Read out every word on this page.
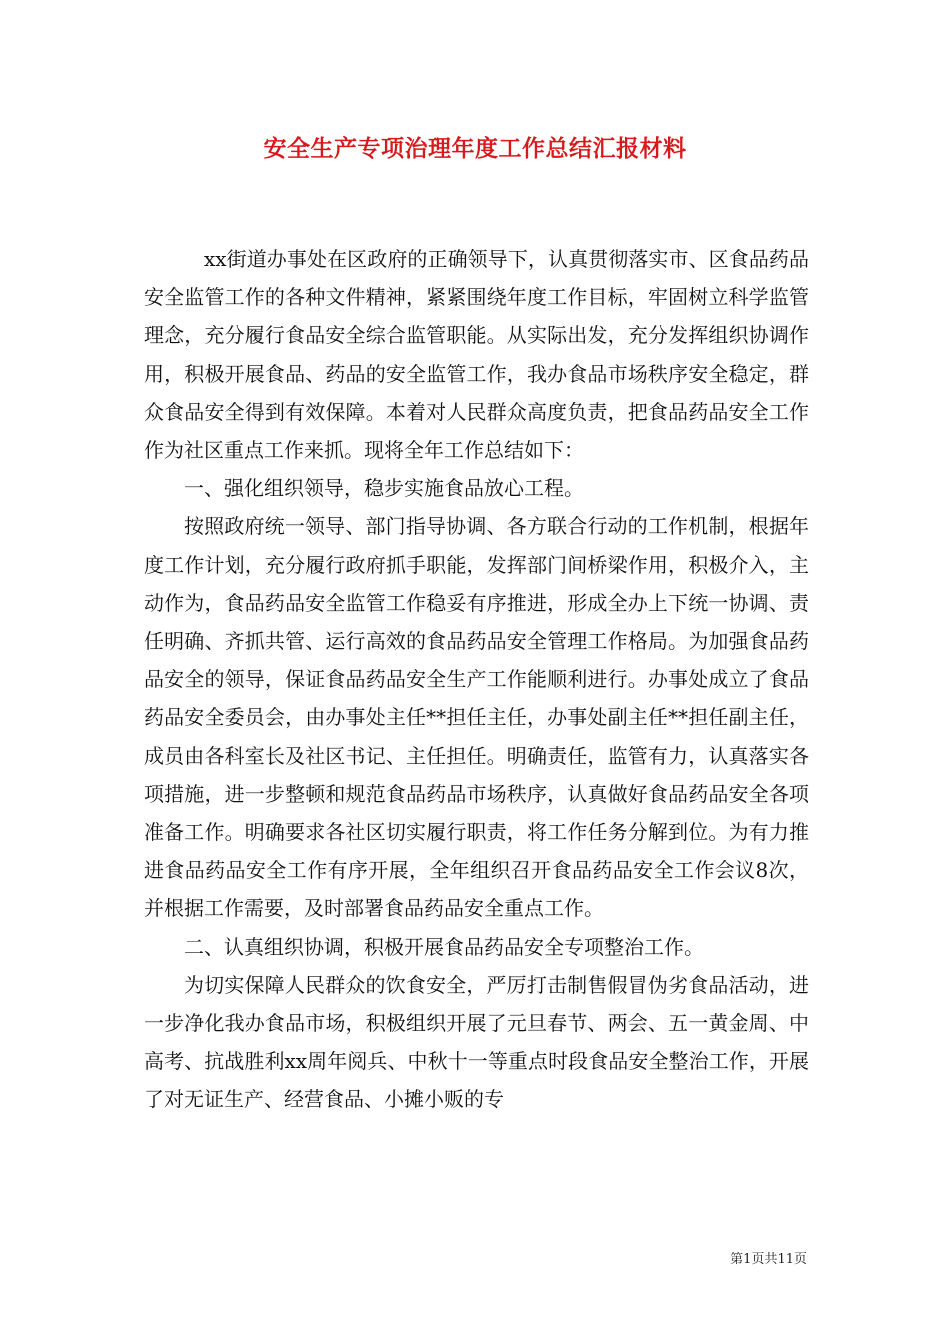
安全生产专项治理年度工作总结汇报材料

xx街道办事处在区政府的正确领导下，认真贯彻落实市、区食品药品安全监管工作的各种文件精神，紧紧围绕年度工作目标，牢固树立科学监管理念，充分履行食品安全综合监管职能。从实际出发，充分发挥组织协调作用，积极开展食品、药品的安全监管工作，我办食品市场秩序安全稳定，群众食品安全得到有效保障。本着对人民群众高度负责，把食品药品安全工作作为社区重点工作来抓。现将全年工作总结如下：

一、强化组织领导，稳步实施食品放心工程。

按照政府统一领导、部门指导协调、各方联合行动的工作机制，根据年度工作计划，充分履行政府抓手职能，发挥部门间桥梁作用，积极介入，主动作为，食品药品安全监管工作稳妥有序推进，形成全办上下统一协调、责任明确、齐抓共管、运行高效的食品药品安全管理工作格局。为加强食品药品安全的领导，保证食品药品安全生产工作能顺利进行。办事处成立了食品药品安全委员会，由办事处主任**担任主任，办事处副主任**担任副主任，成员由各科室长及社区书记、主任担任。明确责任，监管有力，认真落实各项措施，进一步整顿和规范食品药品市场秩序，认真做好食品药品安全各项准备工作。明确要求各社区切实履行职责，将工作任务分解到位。为有力推进食品药品安全工作有序开展，全年组织召开食品药品安全工作会议8次，并根据工作需要，及时部署食品药品安全重点工作。

二、认真组织协调，积极开展食品药品安全专项整治工作。

为切实保障人民群众的饮食安全，严厉打击制售假冒伪劣食品活动，进一步净化我办食品市场，积极组织开展了元旦春节、两会、五一黄金周、中高考、抗战胜利xx周年阅兵、中秋十一等重点时段食品安全整治工作，开展了对无证生产、经营食品、小摊小贩的专

第1页共11页
